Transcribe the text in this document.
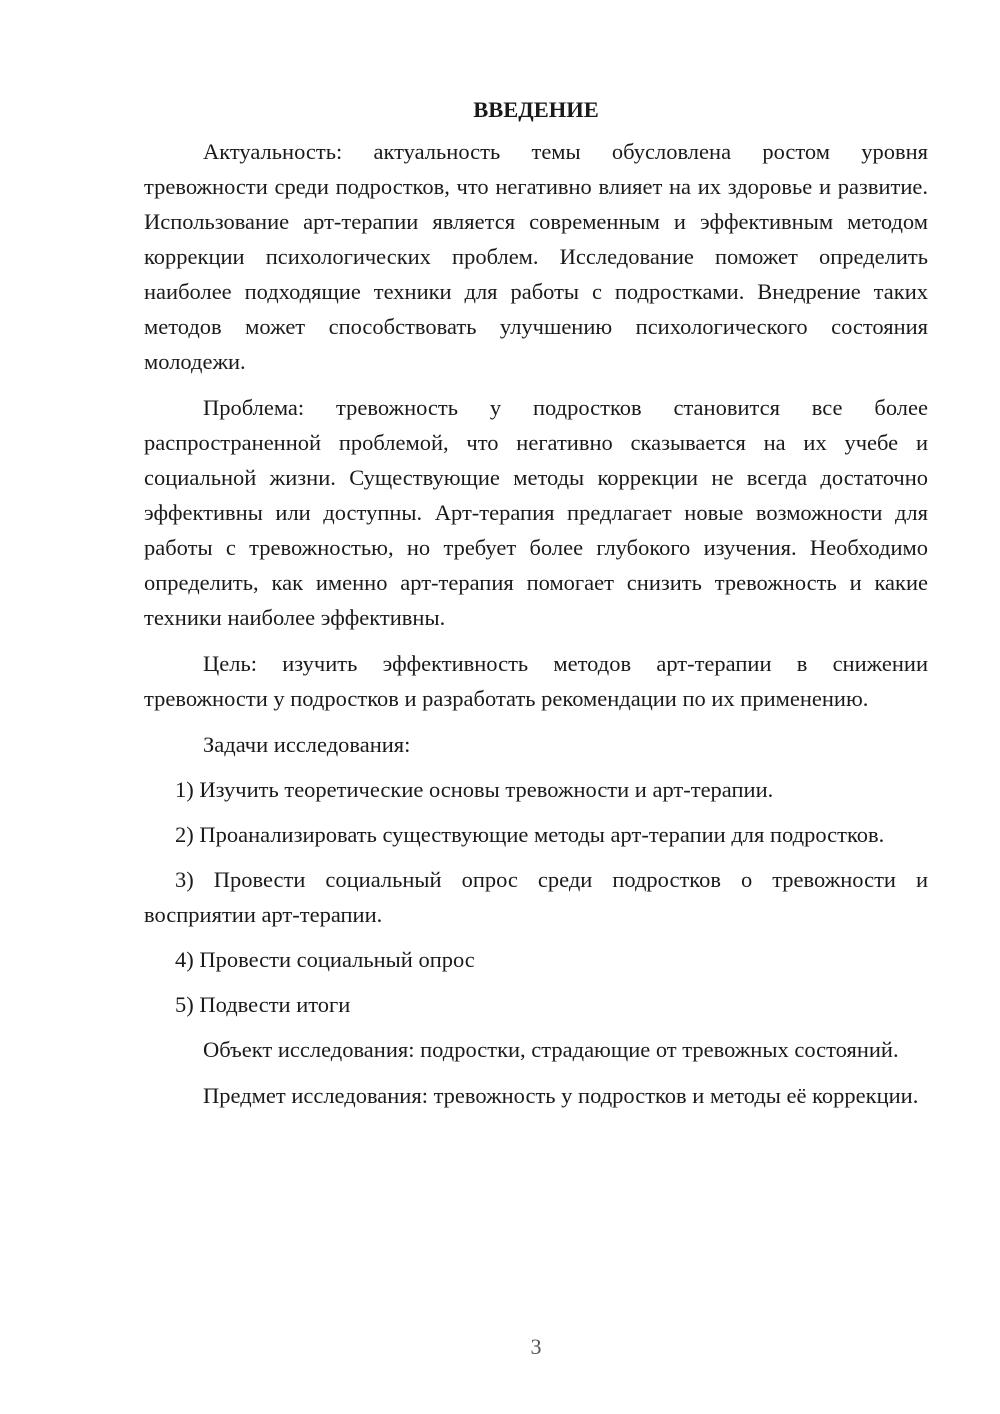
ВВЕДЕНИЕ

Актуальность: актуальность темы обусловлена ростом уровня тревожности среди подростков, что негативно влияет на их здоровье и развитие. Использование арт-терапии является современным и эффективным методом коррекции психологических проблем. Исследование поможет определить наиболее подходящие техники для работы с подростками. Внедрение таких методов может способствовать улучшению психологического состояния молодежи.

Проблема: тревожность у подростков становится все более распространенной проблемой, что негативно сказывается на их учебе и социальной жизни. Существующие методы коррекции не всегда достаточно эффективны или доступны. Арт-терапия предлагает новые возможности для работы с тревожностью, но требует более глубокого изучения. Необходимо определить, как именно арт-терапия помогает снизить тревожность и какие техники наиболее эффективны.

Цель: изучить эффективность методов арт-терапии в снижении тревожности у подростков и разработать рекомендации по их применению.

Задачи исследования:

1) Изучить теоретические основы тревожности и арт-терапии.

2) Проанализировать существующие методы арт-терапии для подростков.

3) Провести социальный опрос среди подростков о тревожности и восприятии арт-терапии.

4) Провести социальный опрос

5) Подвести итоги

Объект исследования: подростки, страдающие от тревожных состояний.

Предмет исследования: тревожность у подростков и методы её коррекции.

3
